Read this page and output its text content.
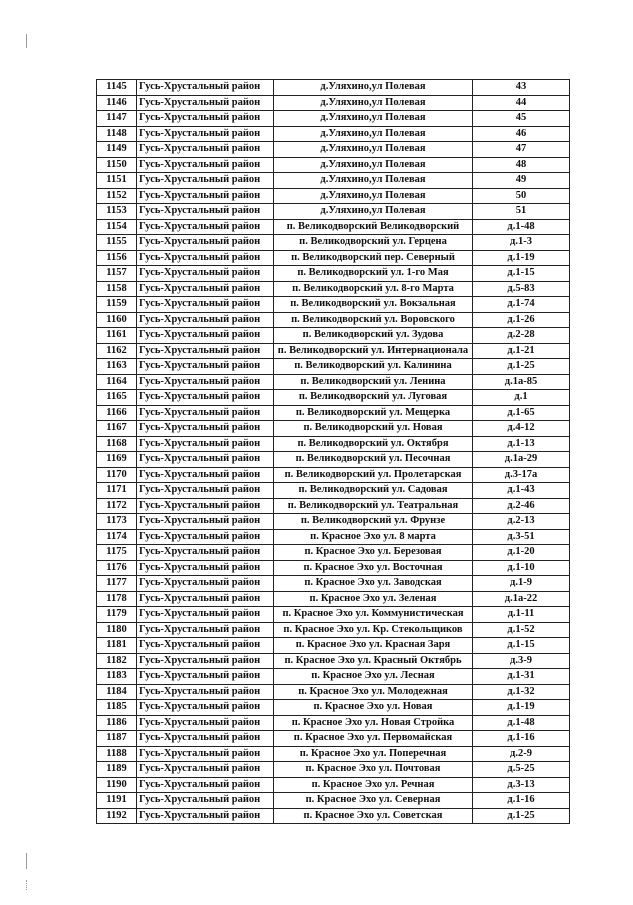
1145	Гусь-Хрустальный район	д.Уляхино,ул Полевая	43
1146	Гусь-Хрустальный район	д.Уляхино,ул Полевая	44
1147	Гусь-Хрустальный район	д.Уляхино,ул Полевая	45
1148	Гусь-Хрустальный район	д.Уляхино,ул Полевая	46
1149	Гусь-Хрустальный район	д.Уляхино,ул Полевая	47
1150	Гусь-Хрустальный район	д.Уляхино,ул Полевая	48
1151	Гусь-Хрустальный район	д.Уляхино,ул Полевая	49
1152	Гусь-Хрустальный район	д.Уляхино,ул Полевая	50
1153	Гусь-Хрустальный район	д.Уляхино,ул Полевая	51
1154	Гусь-Хрустальный район	п. Великодворский Великодворский	д.1-48
1155	Гусь-Хрустальный район	п. Великодворский ул. Герцена	д.1-3
1156	Гусь-Хрустальный район	п. Великодворский пер. Северный	д.1-19
1157	Гусь-Хрустальный район	п. Великодворский ул. 1-го Мая	д.1-15
1158	Гусь-Хрустальный район	п. Великодворский ул. 8-го Марта	д.5-83
1159	Гусь-Хрустальный район	п. Великодворский ул. Вокзальная	д.1-74
1160	Гусь-Хрустальный район	п. Великодворский ул. Воровского	д.1-26
1161	Гусь-Хрустальный район	п. Великодворский ул. Зудова	д.2-28
1162	Гусь-Хрустальный район	п. Великодворский ул. Интернационала	д.1-21
1163	Гусь-Хрустальный район	п. Великодворский ул. Калинина	д.1-25
1164	Гусь-Хрустальный район	п. Великодворский ул. Ленина	д.1а-85
1165	Гусь-Хрустальный район	п. Великодворский ул. Луговая	д.1
1166	Гусь-Хрустальный район	п. Великодворский ул. Мещерка	д.1-65
1167	Гусь-Хрустальный район	п. Великодворский ул. Новая	д.4-12
1168	Гусь-Хрустальный район	п. Великодворский ул. Октября	д.1-13
1169	Гусь-Хрустальный район	п. Великодворский ул. Песочная	д.1а-29
1170	Гусь-Хрустальный район	п. Великодворский ул. Пролетарская	д.3-17а
1171	Гусь-Хрустальный район	п. Великодворский ул. Садовая	д.1-43
1172	Гусь-Хрустальный район	п. Великодворский ул. Театральная	д.2-46
1173	Гусь-Хрустальный район	п. Великодворский ул. Фрунзе	д.2-13
1174	Гусь-Хрустальный район	п. Красное Эхо ул. 8 марта	д.3-51
1175	Гусь-Хрустальный район	п. Красное Эхо ул. Березовая	д.1-20
1176	Гусь-Хрустальный район	п. Красное Эхо ул. Восточная	д.1-10
1177	Гусь-Хрустальный район	п. Красное Эхо ул. Заводская	д.1-9
1178	Гусь-Хрустальный район	п. Красное Эхо ул. Зеленая	д.1а-22
1179	Гусь-Хрустальный район	п. Красное Эхо ул. Коммунистическая	д.1-11
1180	Гусь-Хрустальный район	п. Красное Эхо ул. Кр. Стекольщиков	д.1-52
1181	Гусь-Хрустальный район	п. Красное Эхо ул. Красная Заря	д.1-15
1182	Гусь-Хрустальный район	п. Красное Эхо ул. Красный Октябрь	д.3-9
1183	Гусь-Хрустальный район	п. Красное Эхо ул. Лесная	д.1-31
1184	Гусь-Хрустальный район	п. Красное Эхо ул. Молодежная	д.1-32
1185	Гусь-Хрустальный район	п. Красное Эхо ул. Новая	д.1-19
1186	Гусь-Хрустальный район	п. Красное Эхо ул. Новая Стройка	д.1-48
1187	Гусь-Хрустальный район	п. Красное Эхо ул. Первомайская	д.1-16
1188	Гусь-Хрустальный район	п. Красное Эхо ул. Поперечная	д.2-9
1189	Гусь-Хрустальный район	п. Красное Эхо ул. Почтовая	д.5-25
1190	Гусь-Хрустальный район	п. Красное Эхо ул. Речная	д.3-13
1191	Гусь-Хрустальный район	п. Красное Эхо ул. Северная	д.1-16
1192	Гусь-Хрустальный район	п. Красное Эхо ул. Советская	д.1-25
